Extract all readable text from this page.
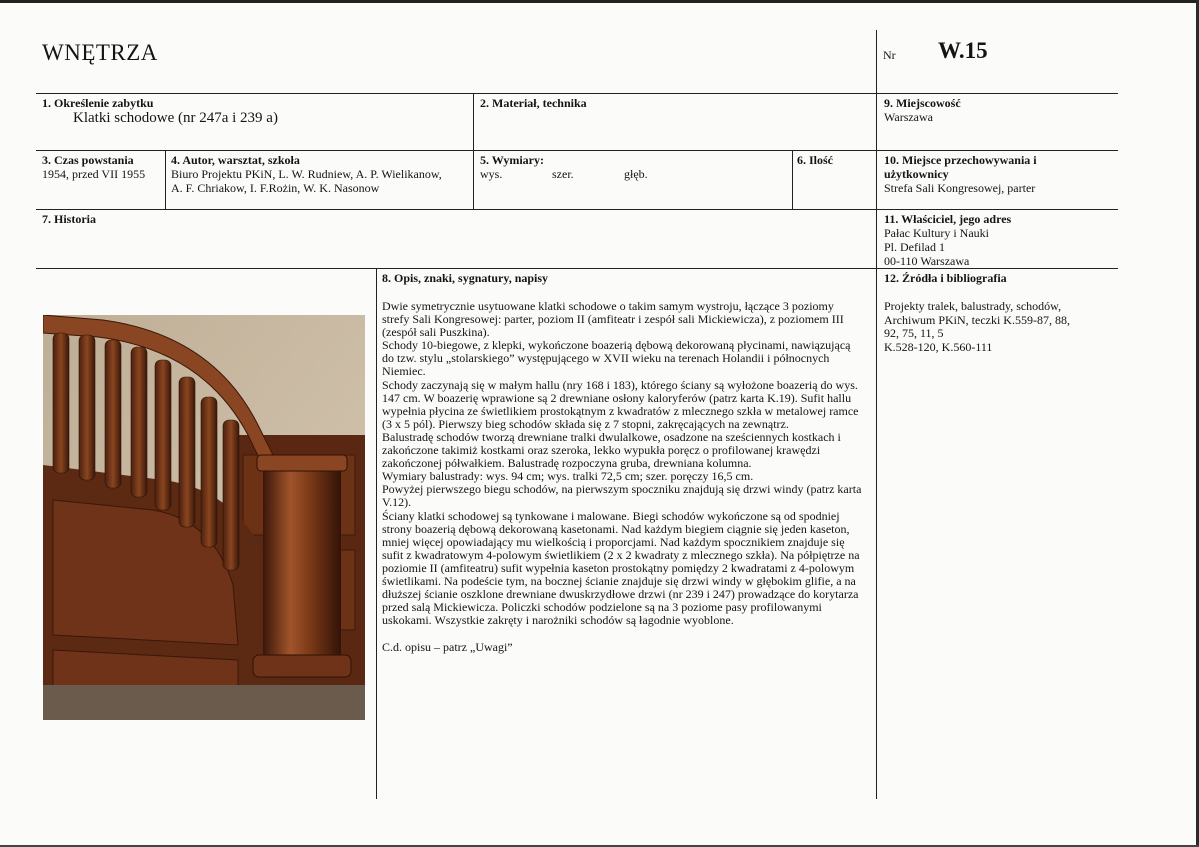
WNĘTRZA	Nr W.15
1. Określenie zabytku
Klatki schodowe (nr 247a i 239 a)
2. Materiał, technika	9. Miejscowość
Warszawa
3. Czas powstania
1954, przed VII 1955
4. Autor, warsztat, szkoła
Biuro Projektu PKiN, L. W. Rudniew, A. P. Wielikanow,
A. F. Chriakow, I. F.Rożin, W. K. Nasonow
5. Wymiary:
wys.	szer.	głęb.
6. Ilość	10. Miejsce przechowywania i
użytkownicy
Strefa Sali Kongresowej, parter
7. Historia	11. Właściciel, jego adres
Pałac Kultury i Nauki
Pl. Defilad 1
00-110 Warszawa
8. Opis, znaki, sygnatury, napisy	12. Źródła i bibliografia

Dwie symetrycznie usytuowane klatki schodowe o takim samym wystroju, łączące 3 poziomy strefy Sali Kongresowej: parter, poziom II (amfiteatr i zespół sali Mickiewicza), z poziomem III (zespół sali Puszkina).

Schody 10-biegowe, z klepki, wykończone boazerią dębową dekorowaną płycinami, nawiązującą do tzw. stylu „stolarskiego” występującego w XVII wieku na terenach Holandii i północnych Niemiec.

Schody zaczynają się w małym hallu (nry 168 i 183), którego ściany są wyłożone boazerią do wys. 147 cm. W boazerię wprawione są 2 drewniane osłony kaloryferów (patrz karta K.19). Sufit hallu wypełnia płycina ze świetlikiem prostokątnym z kwadratów z mlecznego szkła w metalowej ramce (3 x 5 pól). Pierwszy bieg schodów składa się z 7 stopni, zakręcających na zewnątrz.

Balustradę schodów tworzą drewniane tralki dwulalkowe, osadzone na sześciennych kostkach i zakończone takimiż kostkami oraz szeroka, lekko wypukła poręcz o profilowanej krawędzi zakończonej półwałkiem. Balustradę rozpoczyna gruba, drewniana kolumna.

Wymiary balustrady: wys. 94 cm; wys. tralki 72,5 cm; szer. poręczy 16,5 cm.

Powyżej pierwszego biegu schodów, na pierwszym spoczniku znajdują się drzwi windy (patrz karta V.12).

Ściany klatki schodowej są tynkowane i malowane. Biegi schodów wykończone są od spodniej strony boazerią dębową dekorowaną kasetonami. Nad każdym biegiem ciągnie się jeden kaseton, mniej więcej opowiadający mu wielkością i proporcjami. Nad każdym spocznikiem znajduje się sufit z kwadratowym 4-polowym świetlikiem (2 x 2 kwadraty z mlecznego szkła). Na półpiętrze na poziomie II (amfiteatru) sufit wypełnia kaseton prostokątny pomiędzy 2 kwadratami z 4-polowym świetlikami. Na podeście tym, na bocznej ścianie znajduje się drzwi windy w głębokim glifie, a na dłuższej ścianie oszklone drewniane dwuskrzydłowe drzwi (nr 239 i 247) prowadzące do korytarza przed salą Mickiewicza. Policzki schodów podzielone są na 3 poziome pasy profilowanymi uskokami. Wszystkie zakręty i narożniki schodów są łagodnie wyoblone.

C.d. opisu – patrz „Uwagi”

Projekty tralek, balustrady, schodów,
Archiwum PKiN, teczki K.559-87, 88,
92, 75, 11, 5
K.528-120, K.560-111
